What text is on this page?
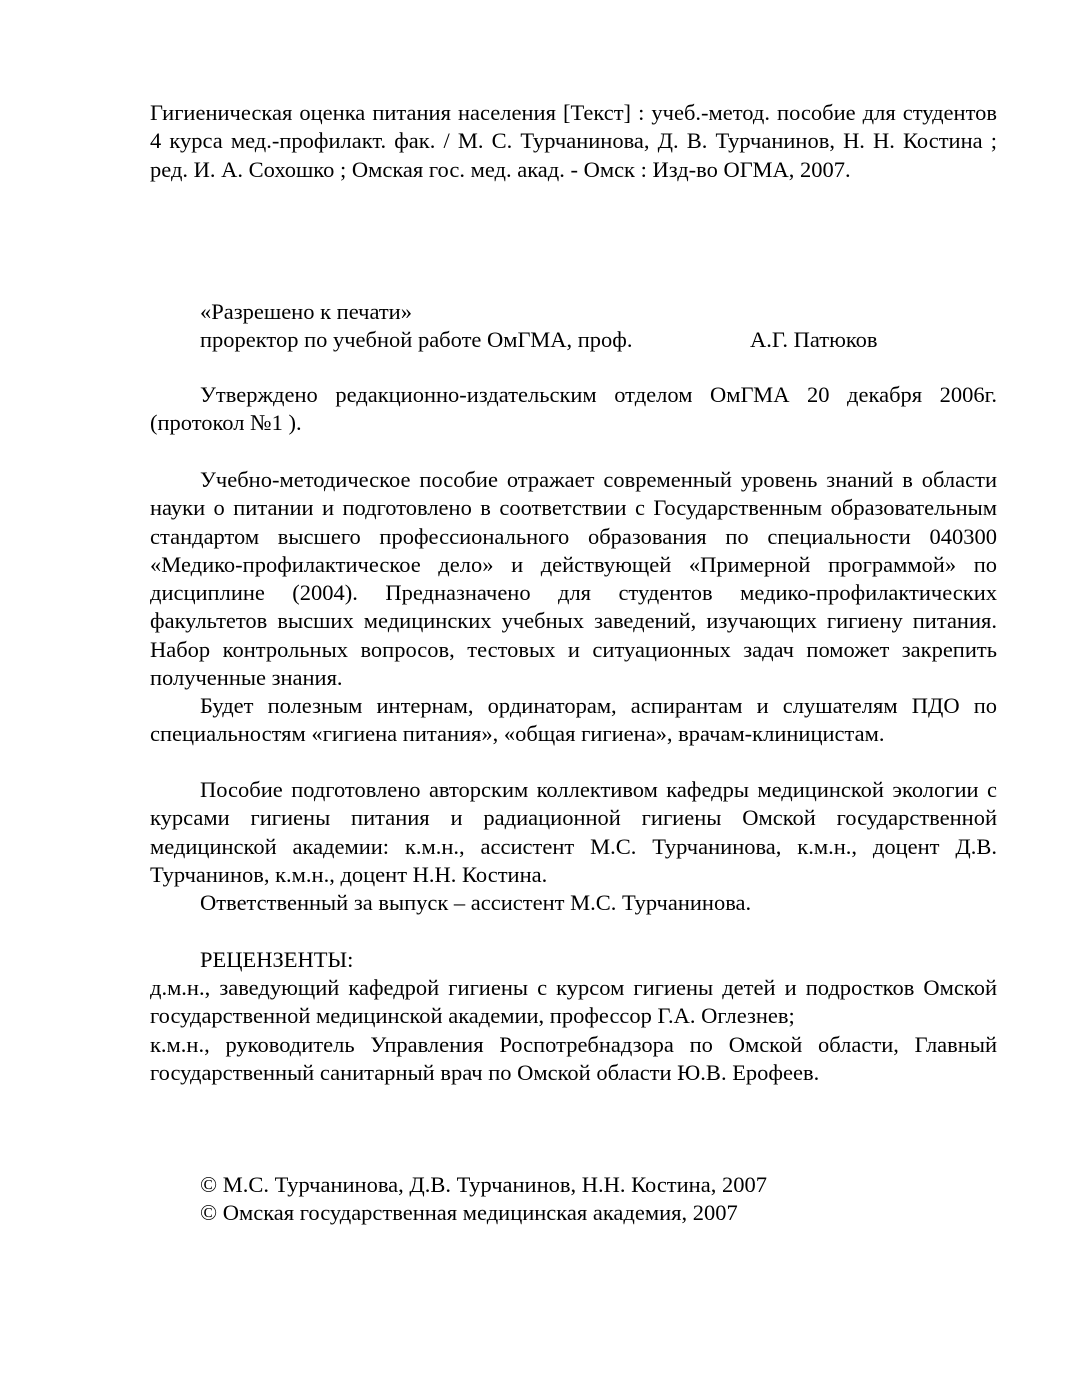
Гигиеническая оценка питания населения [Текст] : учеб.-метод. пособие для студентов 4 курса мед.-профилакт. фак. / М. С. Турчанинова, Д. В. Турчанинов, Н. Н. Костина ; ред. И. А. Сохошко ; Омская гос. мед. акад. - Омск : Изд-во ОГМА, 2007.

«Разрешено к печати»
проректор по учебной работе ОмГМА, проф.	А.Г. Патюков

Утверждено редакционно-издательским отделом ОмГМА 20 декабря 2006г. (протокол №1 ).

Учебно-методическое пособие отражает современный уровень знаний в области науки о питании и подготовлено в соответствии с Государственным образовательным стандартом высшего профессионального образования по специальности 040300 «Медико-профилактическое дело» и действующей «Примерной программой» по дисциплине (2004). Предназначено для студентов медико-профилактических факультетов высших медицинских учебных заведений, изучающих гигиену питания. Набор контрольных вопросов, тестовых и ситуационных задач поможет закрепить полученные знания.

Будет полезным интернам, ординаторам, аспирантам и слушателям ПДО по специальностям «гигиена питания», «общая гигиена», врачам-клиницистам.

Пособие подготовлено авторским коллективом кафедры медицинской экологии с курсами гигиены питания и радиационной гигиены Омской государственной медицинской академии: к.м.н., ассистент М.С. Турчанинова, к.м.н., доцент Д.В. Турчанинов, к.м.н., доцент Н.Н. Костина.

Ответственный за выпуск – ассистент М.С. Турчанинова.

РЕЦЕНЗЕНТЫ:

д.м.н., заведующий кафедрой гигиены с курсом гигиены детей и подростков Омской государственной медицинской академии, профессор Г.А. Оглезнев;

к.м.н., руководитель Управления Роспотребнадзора по Омской области, Главный государственный санитарный врач по Омской области Ю.В. Ерофеев.

© М.С. Турчанинова, Д.В. Турчанинов, Н.Н. Костина, 2007
© Омская государственная медицинская академия, 2007
